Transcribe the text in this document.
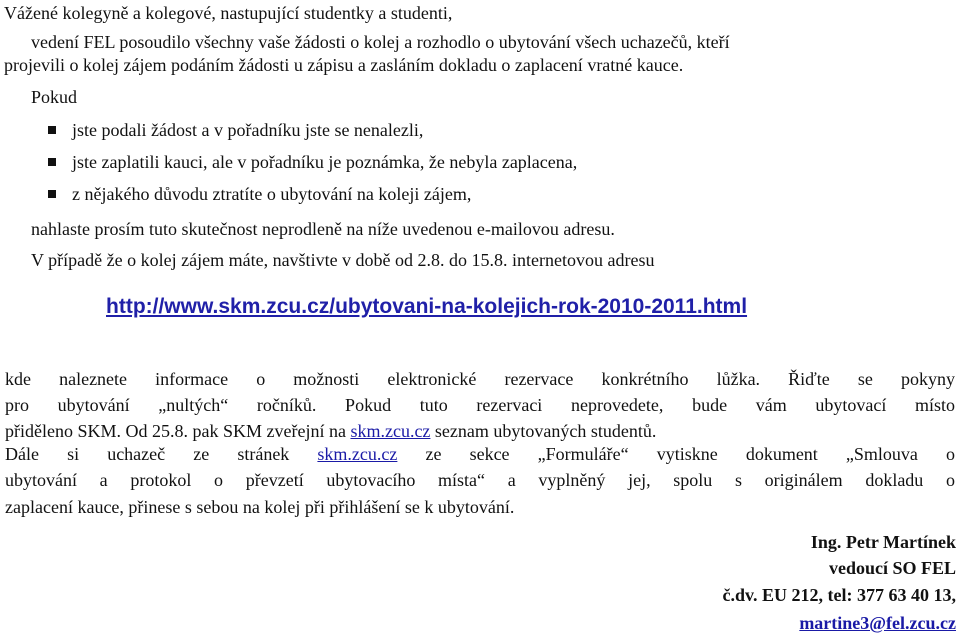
Vážené kolegyně a kolegové, nastupující studentky a studenti,
vedení FEL posoudilo všechny vaše žádosti o kolej a rozhodlo o ubytování všech uchazečů, kteří
projevili o kolej zájem podáním žádosti u zápisu a zasláním dokladu o zaplacení vratné kauce.
Pokud
jste podali žádost a v pořadníku jste se nenalezli,
jste zaplatili kauci, ale v pořadníku je poznámka, že nebyla zaplacena,
z nějakého důvodu ztratíte o ubytování na koleji zájem,
nahlaste prosím tuto skutečnost neprodleně na níže uvedenou e-mailovou adresu.
V případě že o kolej zájem máte, navštivte v době od 2.8. do 15.8. internetovou adresu
http://www.skm.zcu.cz/ubytovani-na-kolejich-rok-2010-2011.html
kde naleznete informace o možnosti elektronické rezervace konkrétního lůžka. Řiďte se pokyny
pro ubytování „nultých“ ročníků. Pokud tuto rezervaci neprovedete, bude vám ubytovací místo
přiděleno SKM. Od 25.8. pak SKM zveřejní na skm.zcu.cz seznam ubytovaných studentů.
Dále si uchazeč ze stránek skm.zcu.cz ze sekce „Formuláře“ vytiskne dokument „Smlouva o
ubytování a protokol o převzetí ubytovacího místa“ a vyplněný jej, spolu s originálem dokladu o
zaplacení kauce, přinese s sebou na kolej při přihlášení se k ubytování.
Ing. Petr Martínek
vedoucí SO FEL
č.dv. EU 212, tel: 377 63 40 13,
martine3@fel.zcu.cz
